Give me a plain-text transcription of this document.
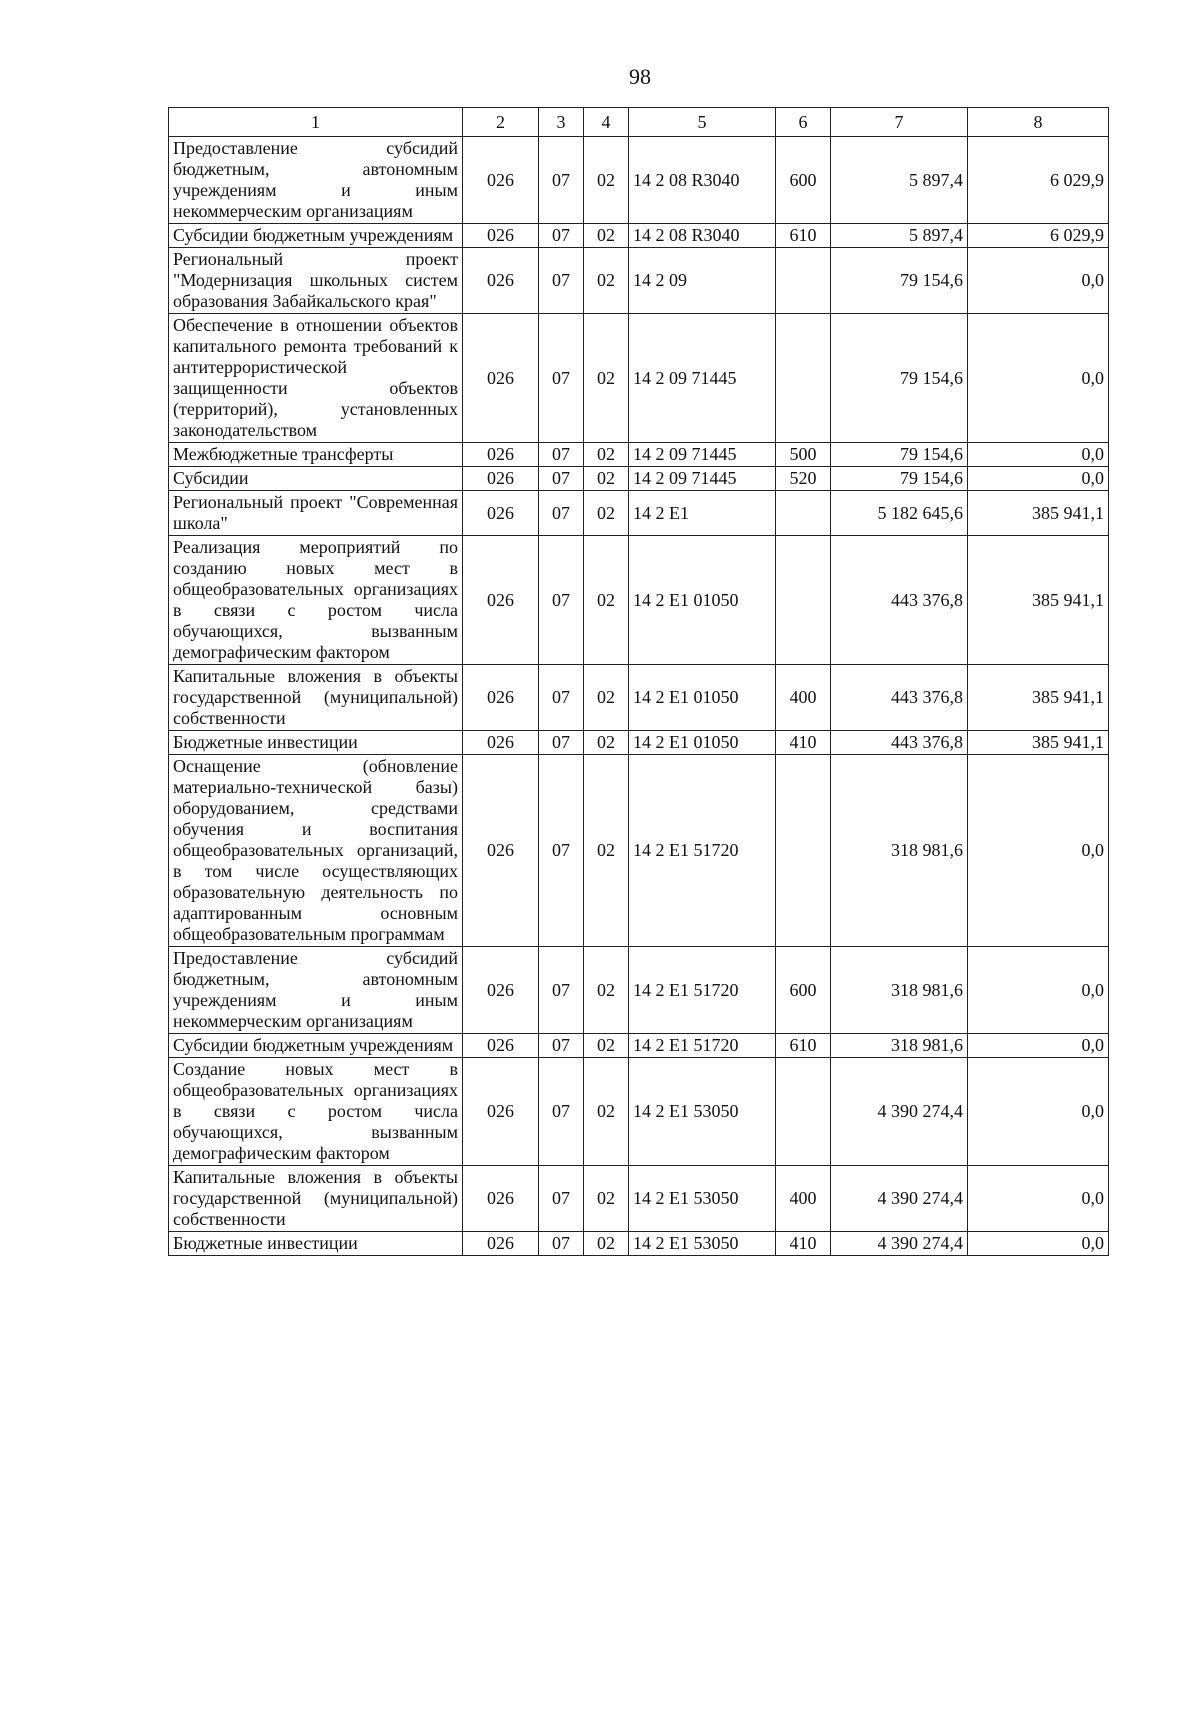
98
1	2	3	4	5	6	7	8
Предоставление субсидий бюджетным, автономным учреждениям и иным некоммерческим организациям	026	07	02	14 2 08 R3040	600	5 897,4	6 029,9
Субсидии бюджетным учреждениям	026	07	02	14 2 08 R3040	610	5 897,4	6 029,9
Региональный проект "Модернизация школьных систем образования Забайкальского края"	026	07	02	14 2 09		79 154,6	0,0
Обеспечение в отношении объектов капитального ремонта требований к антитеррористической защищенности объектов (территорий), установленных законодательством	026	07	02	14 2 09 71445		79 154,6	0,0
Межбюджетные трансферты	026	07	02	14 2 09 71445	500	79 154,6	0,0
Субсидии	026	07	02	14 2 09 71445	520	79 154,6	0,0
Региональный проект "Современная школа"	026	07	02	14 2 E1		5 182 645,6	385 941,1
Реализация мероприятий по созданию новых мест в общеобразовательных организациях в связи с ростом числа обучающихся, вызванным демографическим фактором	026	07	02	14 2 E1 01050		443 376,8	385 941,1
Капитальные вложения в объекты государственной (муниципальной) собственности	026	07	02	14 2 E1 01050	400	443 376,8	385 941,1
Бюджетные инвестиции	026	07	02	14 2 E1 01050	410	443 376,8	385 941,1
Оснащение (обновление материально-технической базы) оборудованием, средствами обучения и воспитания общеобразовательных организаций, в том числе осуществляющих образовательную деятельность по адаптированным основным общеобразовательным программам	026	07	02	14 2 E1 51720		318 981,6	0,0
Предоставление субсидий бюджетным, автономным учреждениям и иным некоммерческим организациям	026	07	02	14 2 E1 51720	600	318 981,6	0,0
Субсидии бюджетным учреждениям	026	07	02	14 2 E1 51720	610	318 981,6	0,0
Создание новых мест в общеобразовательных организациях в связи с ростом числа обучающихся, вызванным демографическим фактором	026	07	02	14 2 E1 53050		4 390 274,4	0,0
Капитальные вложения в объекты государственной (муниципальной) собственности	026	07	02	14 2 E1 53050	400	4 390 274,4	0,0
Бюджетные инвестиции	026	07	02	14 2 E1 53050	410	4 390 274,4	0,0
